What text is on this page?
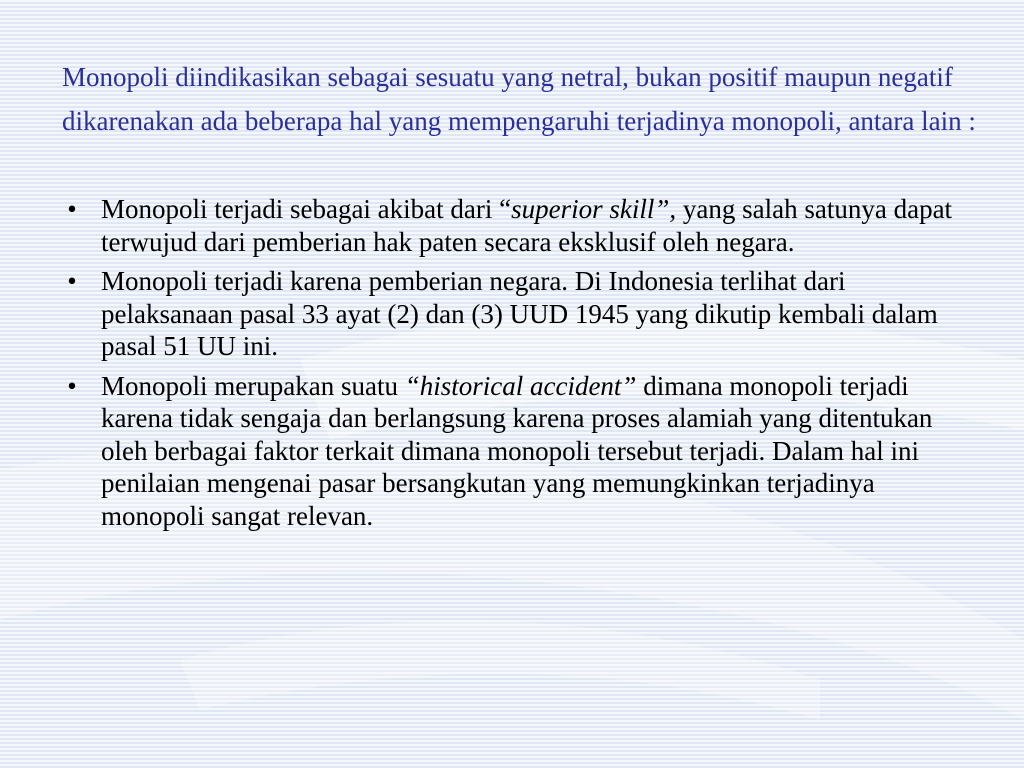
Monopoli diindikasikan sebagai sesuatu yang netral, bukan positif maupun negatif dikarenakan ada beberapa hal yang mempengaruhi terjadinya monopoli, antara lain :

• Monopoli terjadi sebagai akibat dari “superior skill”, yang salah satunya dapat terwujud dari pemberian hak paten secara eksklusif oleh negara.
• Monopoli terjadi karena pemberian negara. Di Indonesia terlihat dari pelaksanaan pasal 33 ayat (2) dan (3) UUD 1945 yang dikutip kembali dalam pasal 51 UU ini.
• Monopoli merupakan suatu “historical accident” dimana monopoli terjadi karena tidak sengaja dan berlangsung karena proses alamiah yang ditentukan oleh berbagai faktor terkait dimana monopoli tersebut terjadi. Dalam hal ini penilaian mengenai pasar bersangkutan yang memungkinkan terjadinya monopoli sangat relevan.
